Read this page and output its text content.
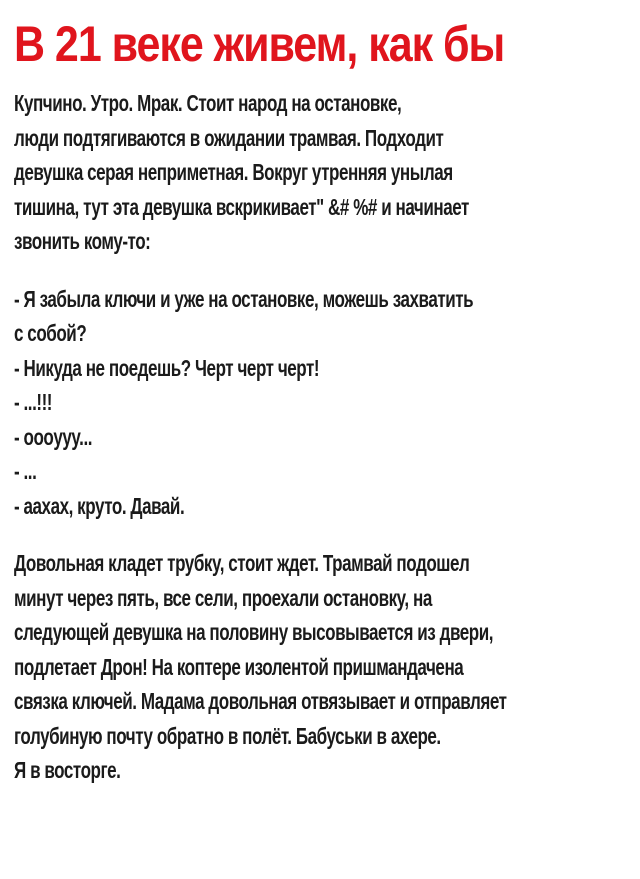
В 21 веке живем, как бы
Купчино. Утро. Мрак. Стоит народ на остановке,
люди подтягиваются в ожидании трамвая. Подходит
девушка серая неприметная. Вокруг утренняя унылая
тишина, тут эта девушка вскрикивает" &# %# и начинает
звонить кому-то:
- Я забыла ключи и уже на остановке, можешь захватить
с собой?
- Никуда не поедешь? Черт черт черт!
- ...!!!
- oooyyy...
- ...
- аахах, круто. Давай.
Довольная кладет трубку, стоит ждет. Трамвай подошел
минут через пять, все сели, проехали остановку, на
следующей девушка на половину высовывается из двери,
подлетает Дрон! На коптере изолентой пришмандачена
связка ключей. Мадама довольная отвязывает и отправляет
голубиную почту обратно в полёт. Бабуськи в ахере.
Я в восторге.
